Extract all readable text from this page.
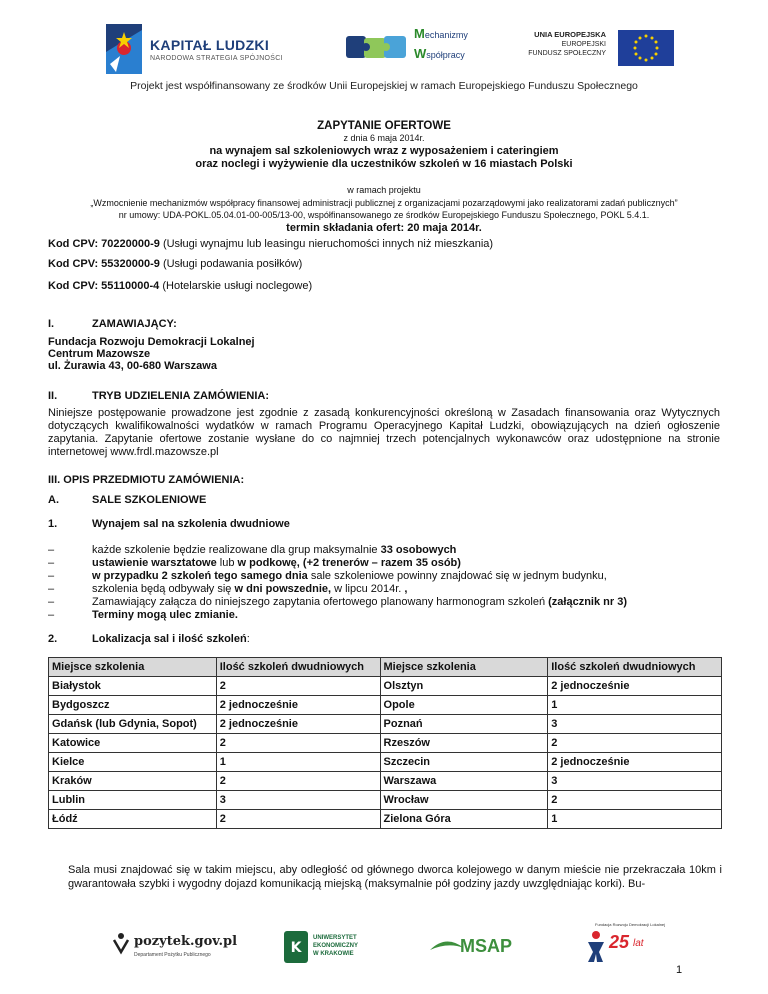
KAPITAŁ LUDZKI
NARODOWA STRATEGIA SPÓJNOŚCI
Mechanizmy
Współpracy
UNIA EUROPEJSKA
EUROPEJSKI
FUNDUSZ SPOŁECZNY
Projekt jest współfinansowany ze środków Unii Europejskiej w ramach Europejskiego Funduszu Społecznego
ZAPYTANIE OFERTOWE
z dnia 6 maja 2014r.
na wynajem sal szkoleniowych wraz z wyposażeniem i cateringiem
oraz noclegi i wyżywienie dla uczestników szkoleń w 16 miastach Polski
w ramach projektu
„Wzmocnienie mechanizmów współpracy finansowej administracji publicznej z organizacjami pozarządowymi jako realizatorami zadań publicznych”
nr umowy: UDA-POKL.05.04.01-00-005/13-00, współfinansowanego ze środków Europejskiego Funduszu Społecznego, POKL 5.4.1.
termin składania ofert: 20 maja 2014r.
Kod CPV: 70220000-9 (Usługi wynajmu lub leasingu nieruchomości innych niż mieszkania)
Kod CPV: 55320000-9 (Usługi podawania posiłków)
Kod CPV: 55110000-4 (Hotelarskie usługi noclegowe)
I.	ZAMAWIAJĄCY:
Fundacja Rozwoju Demokracji Lokalnej
Centrum Mazowsze
ul. Żurawia 43, 00-680 Warszawa
II.	TRYB UDZIELENIA ZAMÓWIENIA:
Niniejsze postępowanie prowadzone jest zgodnie z zasadą konkurencyjności określoną w Zasadach finansowania oraz Wytycznych dotyczących kwalifikowalności wydatków w ramach Programu Operacyjnego Kapitał Ludzki, obowiązujących na dzień ogłoszenie zapytania. Zapytanie ofertowe zostanie wysłane do co najmniej trzech potencjalnych wykonawców oraz udostępnione na stronie internetowej www.frdl.mazowsze.pl
III. OPIS PRZEDMIOTU ZAMÓWIENIA:
A.	SALE SZKOLENIOWE
1.	Wynajem sal na szkolenia dwudniowe
–	każde szkolenie będzie realizowane dla grup maksymalnie 33 osobowych
–	ustawienie warsztatowe lub w podkowę, (+2 trenerów – razem 35 osób)
–	w przypadku 2 szkoleń tego samego dnia sale szkoleniowe powinny znajdować się w jednym budynku,
–	szkolenia będą odbywały się w dni powszednie, w lipcu 2014r. ,
–	Zamawiający załącza do niniejszego zapytania ofertowego planowany harmonogram szkoleń (załącznik nr 3)
–	Terminy mogą ulec zmianie.
2.	Lokalizacja sal i ilość szkoleń:
Miejsce szkolenia	Ilość szkoleń dwudniowych	Miejsce szkolenia	Ilość szkoleń dwudniowych
Białystok	2	Olsztyn	2 jednocześnie
Bydgoszcz	2 jednocześnie	Opole	1
Gdańsk (lub Gdynia, Sopot)	2 jednocześnie	Poznań	3
Katowice	2	Rzeszów	2
Kielce	1	Szczecin	2 jednocześnie
Kraków	2	Warszawa	3
Lublin	3	Wrocław	2
Łódź	2	Zielona Góra	1
Sala musi znajdować się w takim miejscu, aby odległość od głównego dworca kolejowego w danym mieście nie przekraczała 10km i gwarantowała szybki i wygodny dojazd komunikacją miejską (maksymalnie pół godziny jazdy uwzględniając korki). Bu-
pozytek.gov.pl
Departament Pożytku Publicznego	K
UNIWERSYTET
EKONOMICZNY
W KRAKOWIE	MSAP
Fundacja Rozwoju Demokracji Lokalnej
25 lat
1
